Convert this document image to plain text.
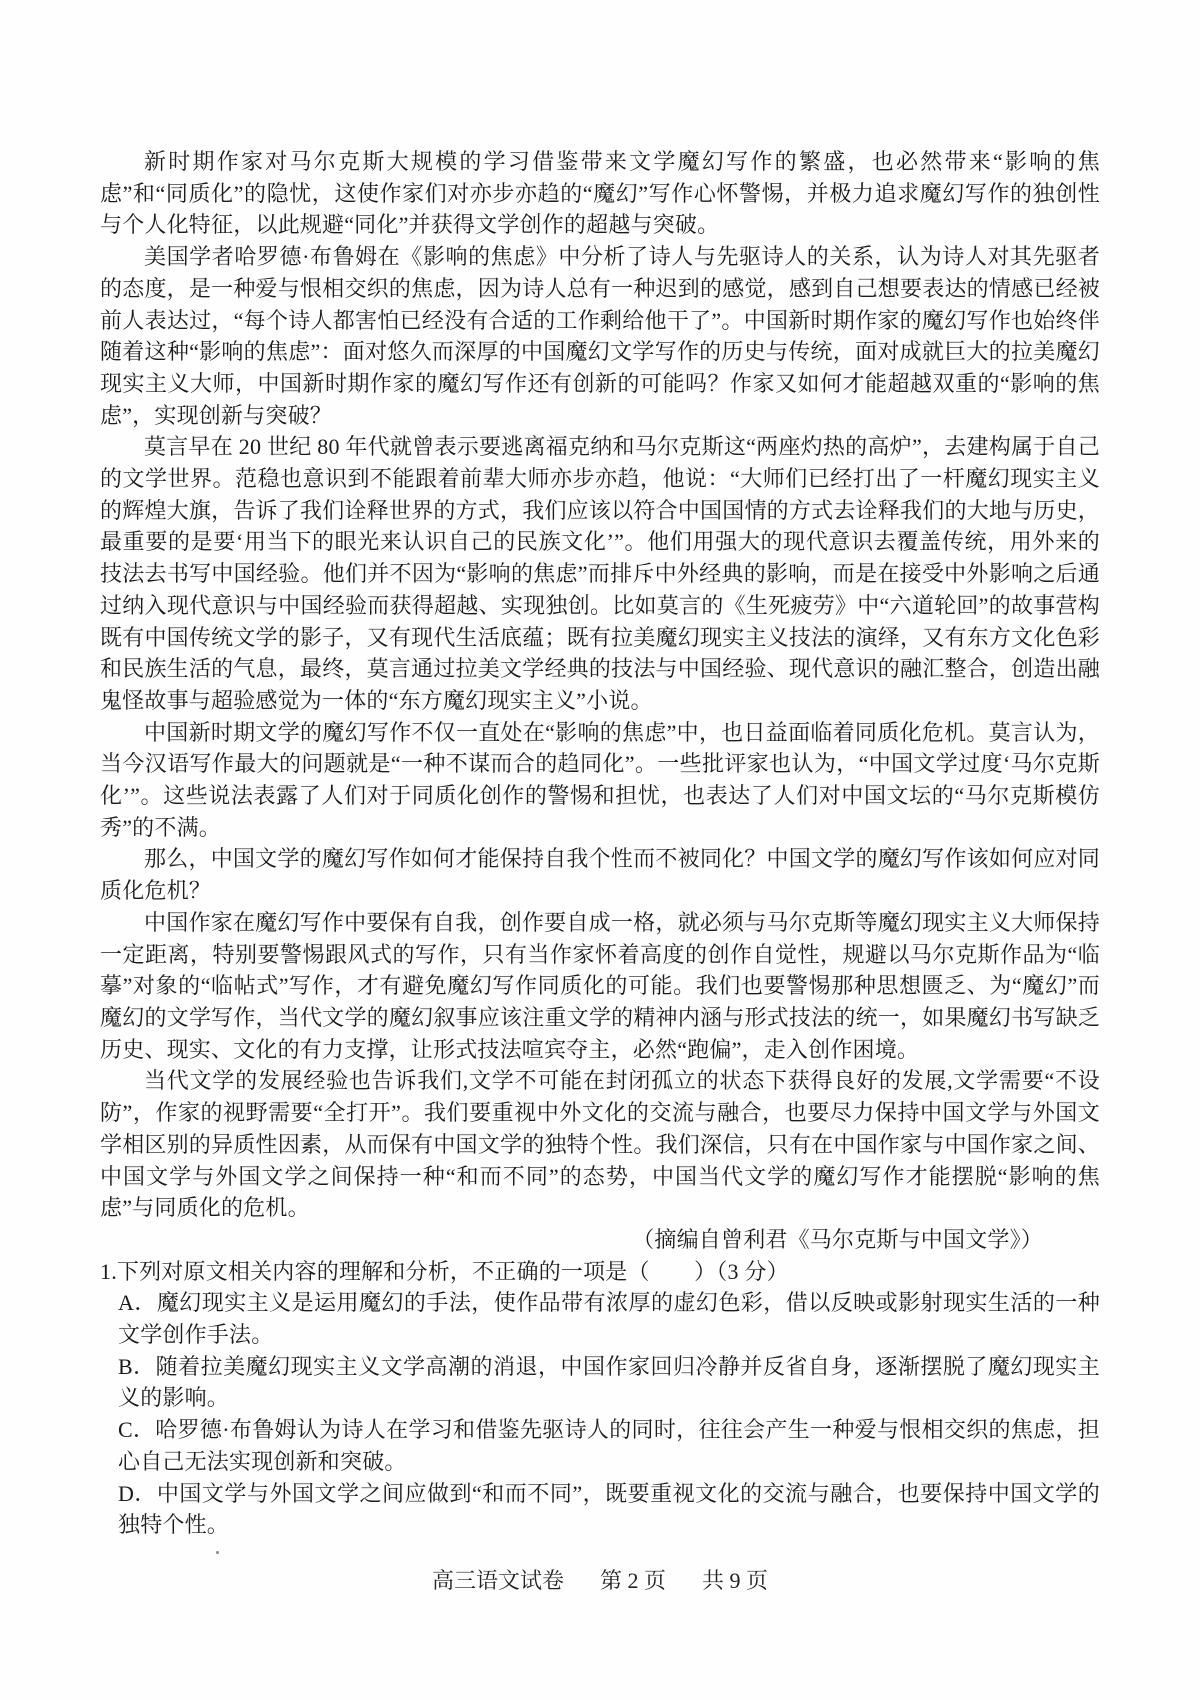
新时期作家对马尔克斯大规模的学习借鉴带来文学魔幻写作的繁盛，也必然带来“影响的焦虑”和“同质化”的隐忧，这使作家们对亦步亦趋的“魔幻”写作心怀警惕，并极力追求魔幻写作的独创性与个人化特征，以此规避“同化”并获得文学创作的超越与突破。

美国学者哈罗德·布鲁姆在《影响的焦虑》中分析了诗人与先驱诗人的关系，认为诗人对其先驱者的态度，是一种爱与恨相交织的焦虑，因为诗人总有一种迟到的感觉，感到自己想要表达的情感已经被前人表达过，“每个诗人都害怕已经没有合适的工作剩给他干了”。中国新时期作家的魔幻写作也始终伴随着这种“影响的焦虑”：面对悠久而深厚的中国魔幻文学写作的历史与传统，面对成就巨大的拉美魔幻现实主义大师，中国新时期作家的魔幻写作还有创新的可能吗？作家又如何才能超越双重的“影响的焦虑”，实现创新与突破？

莫言早在 20 世纪 80 年代就曾表示要逃离福克纳和马尔克斯这“两座灼热的高炉”，去建构属于自己的文学世界。范稳也意识到不能跟着前辈大师亦步亦趋，他说：“大师们已经打出了一杆魔幻现实主义的辉煌大旗，告诉了我们诠释世界的方式，我们应该以符合中国国情的方式去诠释我们的大地与历史，最重要的是要‘用当下的眼光来认识自己的民族文化’”。他们用强大的现代意识去覆盖传统，用外来的技法去书写中国经验。他们并不因为“影响的焦虑”而排斥中外经典的影响，而是在接受中外影响之后通过纳入现代意识与中国经验而获得超越、实现独创。比如莫言的《生死疲劳》中“六道轮回”的故事营构既有中国传统文学的影子，又有现代生活底蕴；既有拉美魔幻现实主义技法的演绎，又有东方文化色彩和民族生活的气息，最终，莫言通过拉美文学经典的技法与中国经验、现代意识的融汇整合，创造出融鬼怪故事与超验感觉为一体的“东方魔幻现实主义”小说。

中国新时期文学的魔幻写作不仅一直处在“影响的焦虑”中，也日益面临着同质化危机。莫言认为，当今汉语写作最大的问题就是“一种不谋而合的趋同化”。一些批评家也认为，“中国文学过度‘马尔克斯化’”。这些说法表露了人们对于同质化创作的警惕和担忧，也表达了人们对中国文坛的“马尔克斯模仿秀”的不满。

那么，中国文学的魔幻写作如何才能保持自我个性而不被同化？中国文学的魔幻写作该如何应对同质化危机？

中国作家在魔幻写作中要保有自我，创作要自成一格，就必须与马尔克斯等魔幻现实主义大师保持一定距离，特别要警惕跟风式的写作，只有当作家怀着高度的创作自觉性，规避以马尔克斯作品为“临摹”对象的“临帖式”写作，才有避免魔幻写作同质化的可能。我们也要警惕那种思想匮乏、为“魔幻”而魔幻的文学写作，当代文学的魔幻叙事应该注重文学的精神内涵与形式技法的统一，如果魔幻书写缺乏历史、现实、文化的有力支撑，让形式技法喧宾夺主，必然“跑偏”，走入创作困境。

当代文学的发展经验也告诉我们,文学不可能在封闭孤立的状态下获得良好的发展,文学需要“不设防”，作家的视野需要“全打开”。我们要重视中外文化的交流与融合，也要尽力保持中国文学与外国文学相区别的异质性因素，从而保有中国文学的独特个性。我们深信，只有在中国作家与中国作家之间、中国文学与外国文学之间保持一种“和而不同”的态势，中国当代文学的魔幻写作才能摆脱“影响的焦虑”与同质化的危机。

（摘编自曾利君《马尔克斯与中国文学》）

1.下列对原文相关内容的理解和分析，不正确的一项是（　　）（3 分）

A．魔幻现实主义是运用魔幻的手法，使作品带有浓厚的虚幻色彩，借以反映或影射现实生活的一种文学创作手法。

B．随着拉美魔幻现实主义文学高潮的消退，中国作家回归冷静并反省自身，逐渐摆脱了魔幻现实主义的影响。

C．哈罗德·布鲁姆认为诗人在学习和借鉴先驱诗人的同时，往往会产生一种爱与恨相交织的焦虑，担心自己无法实现创新和突破。

D．中国文学与外国文学之间应做到“和而不同”，既要重视文化的交流与融合，也要保持中国文学的独特个性。

高三语文试卷 第 2 页 共 9 页
